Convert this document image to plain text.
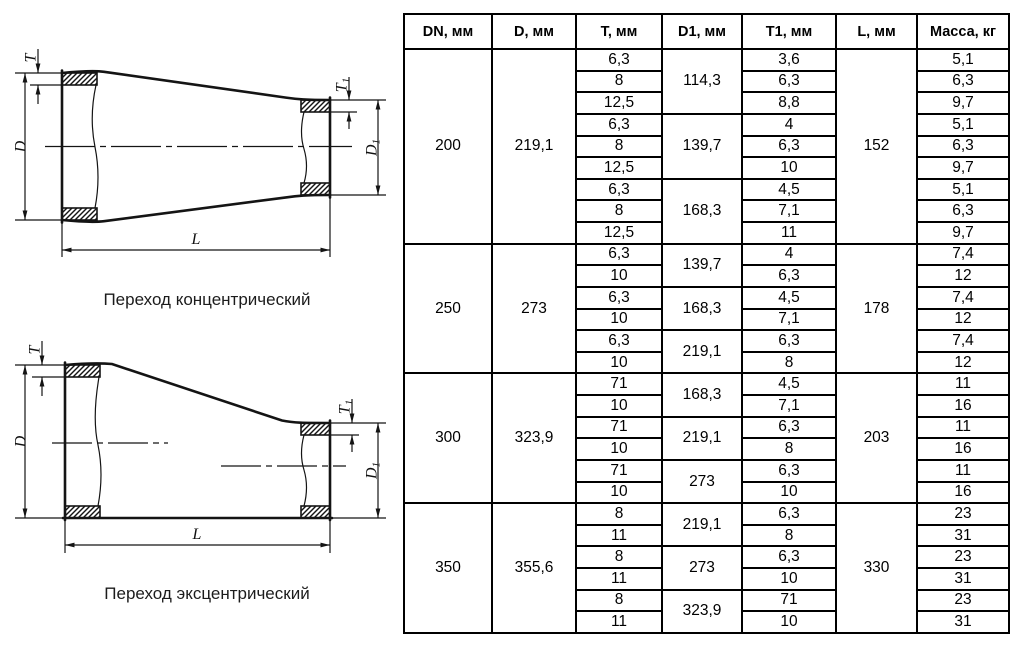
D
T
T1
D1
L
Переход концентрический
D
T
T1
D1
L
Переход эксцентрический
DN, мм	D, мм	T, мм	D1, мм	T1, мм	L, мм	Масса, кг
200	219,1	6,3	114,3	3,6	152	5,1
		8		6,3		6,3
		12,5		8,8		9,7
		6,3	139,7	4		5,1
		8		6,3		6,3
		12,5		10		9,7
		6,3	168,3	4,5		5,1
		8		7,1		6,3
		12,5		11		9,7
250	273	6,3	139,7	4	178	7,4
		10		6,3		12
		6,3	168,3	4,5		7,4
		10		7,1		12
		6,3	219,1	6,3		7,4
		10		8		12
300	323,9	71	168,3	4,5	203	11
		10		7,1		16
		71	219,1	6,3		11
		10		8		16
		71	273	6,3		11
		10		10		16
350	355,6	8	219,1	6,3	330	23
		11		8		31
		8	273	6,3		23
		11		10		31
		8	323,9	71		23
		11		10		31
